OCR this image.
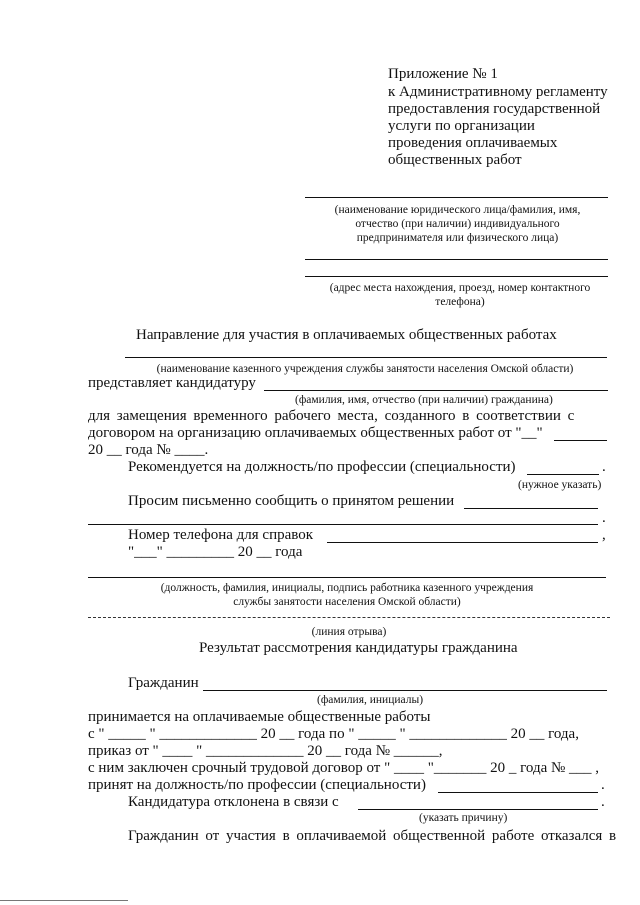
Приложение № 1
к Административному регламенту
предоставления государственной
услуги по организации
проведения оплачиваемых
общественных работ
(наименование юридического лица/фамилия, имя,
отчество (при наличии) индивидуального
предпринимателя или физического лица)
(адрес места нахождения, проезд, номер контактного
телефона)
Направление для участия в оплачиваемых общественных работах
(наименование казенного учреждения службы занятости населения Омской области)
представляет кандидатуру
(фамилия, имя, отчество (при наличии) гражданина)
для замещения временного рабочего места, созданного в соответствии с
договором на организацию оплачиваемых общественных работ от "__"
20 __ года № ____.
Рекомендуется на должность/по профессии (специальности)	.
(нужное указать)
Просим письменно сообщить о принятом решении
.
Номер телефона для справок	,
"___" _________ 20 __ года
(должность, фамилия, инициалы, подпись работника казенного учреждения
службы занятости населения Омской области)
(линия отрыва)
Результат рассмотрения кандидатуры гражданина
Гражданин
(фамилия, инициалы)
принимается на оплачиваемые общественные работы
с " _____ " _____________ 20 __ года по " _____ " _____________ 20 __ года,
приказ от " ____ " _____________ 20 __ года № ______,
с ним заключен срочный трудовой договор от " ____ "_______ 20 _ года № ___ ,
принят на должность/по профессии (специальности)	.
Кандидатура отклонена в связи с	.
(указать причину)
Гражданин от участия в оплачиваемой общественной работе отказался в
